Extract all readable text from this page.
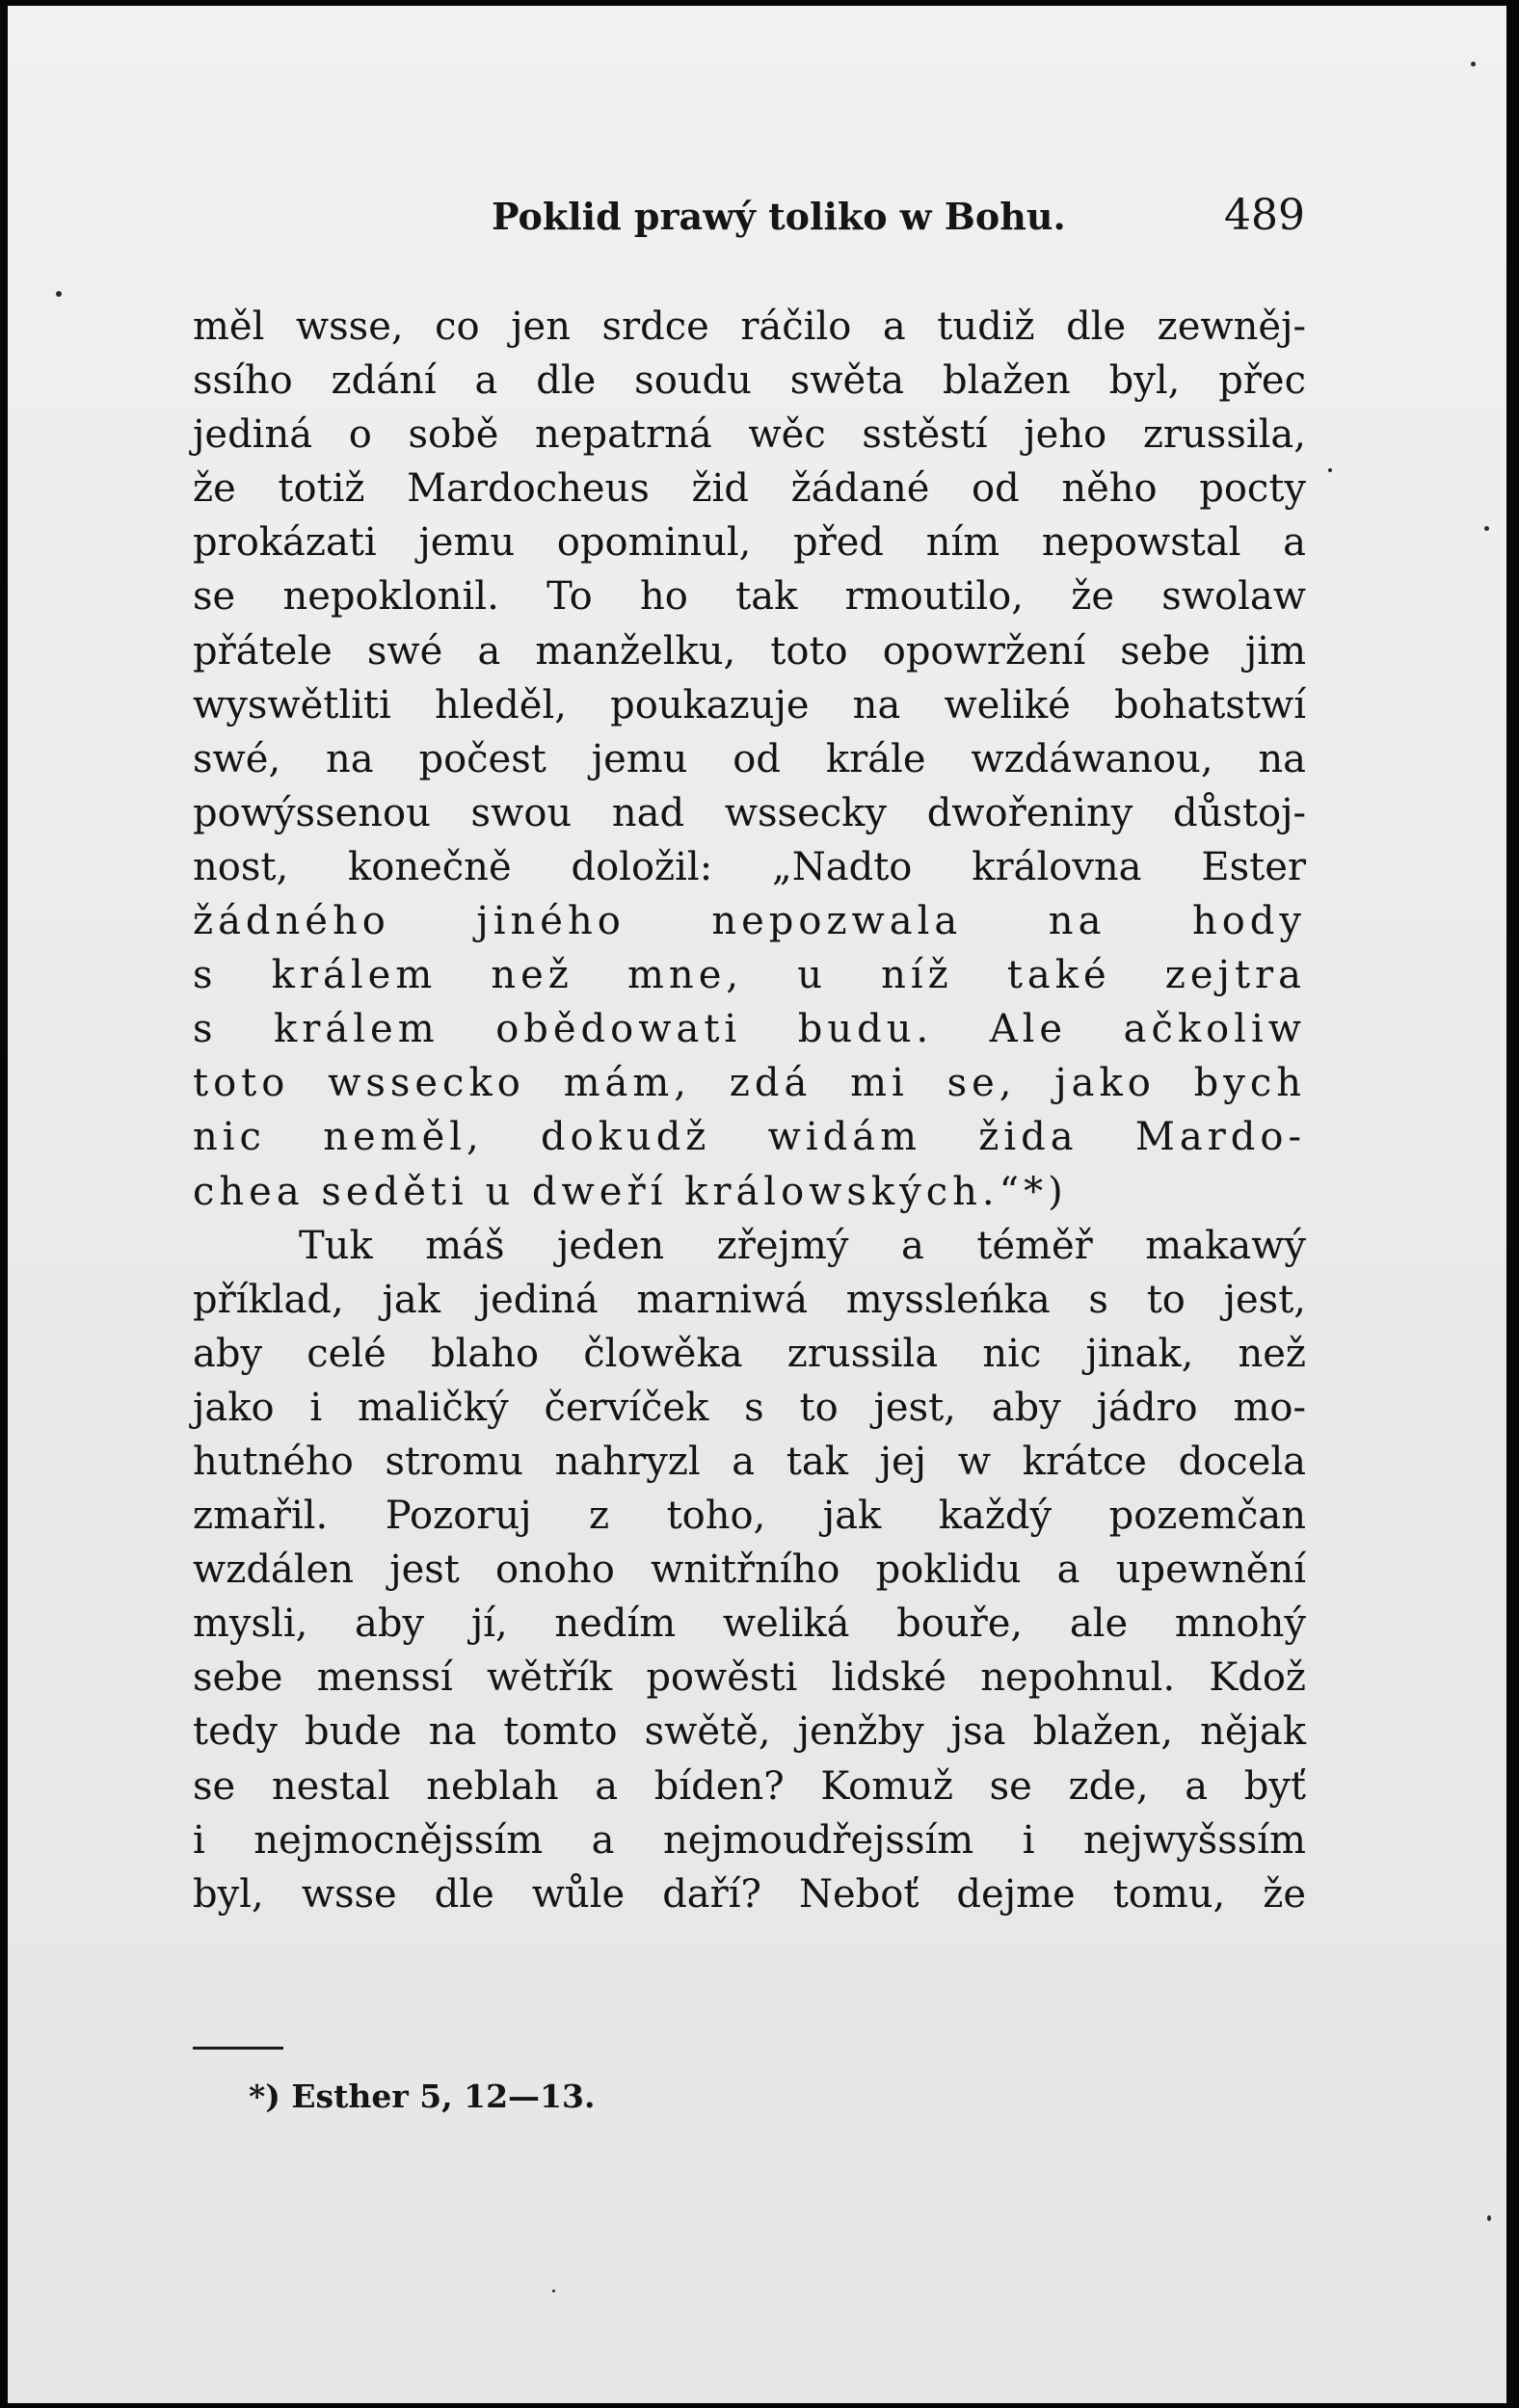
Poklid prawý toliko w Bohu.	489
měl wsse, co jen srdce ráčilo a tudiž dle zewněj-
ssího zdání a dle soudu swěta blažen byl, přec
jediná o sobě nepatrná wěc sstěstí jeho zrussila,
že totiž Mardocheus žid žádané od něho pocty
prokázati jemu opominul, před ním nepowstal a
se nepoklonil. To ho tak rmoutilo, že swolaw
přátele swé a manželku, toto opowržení sebe jim
wyswětliti hleděl, poukazuje na weliké bohatstwí
swé, na počest jemu od krále wzdáwanou, na
powýssenou swou nad wssecky dwořeniny důstoj-
nost, konečně doložil: „Nadto královna Ester
žádného jiného nepozwala na hody
s králem než mne, u níž také zejtra
s králem obědowati budu. Ale ačkoliw
toto wsseckо mám, zdá mi se, jako bych
nic neměl, dokudž widám žida Mardo-
chea seděti u dweří králowských.“*)
Tuk máš jeden zřejmý a téměř makawý
příklad, jak jediná marniwá myssleńka s to jest,
aby celé blaho člowěka zrussila nic jinak, než
jako i maličký červíček s to jest, aby jádro mo-
hutného stromu nahryzl a tak jej w krátce docela
zmařil. Pozoruj z toho, jak každý pozemčan
wzdálen jest onoho wnitřního poklidu a upewnění
mysli, aby jí, nedím weliká bouře, ale mnohý
sebe menssí wětřík powěsti lidské nepohnul. Kdož
tedy bude na tomto swětě, jenžby jsa blažen, nějak
se nestal neblah a bíden? Komuž se zde, a byť
i nejmocnějssím a nejmoudřejssím i nejwyšssím
byl, wsse dle wůle daří? Neboť dejme tomu, že
*) Esther 5, 12—13.
